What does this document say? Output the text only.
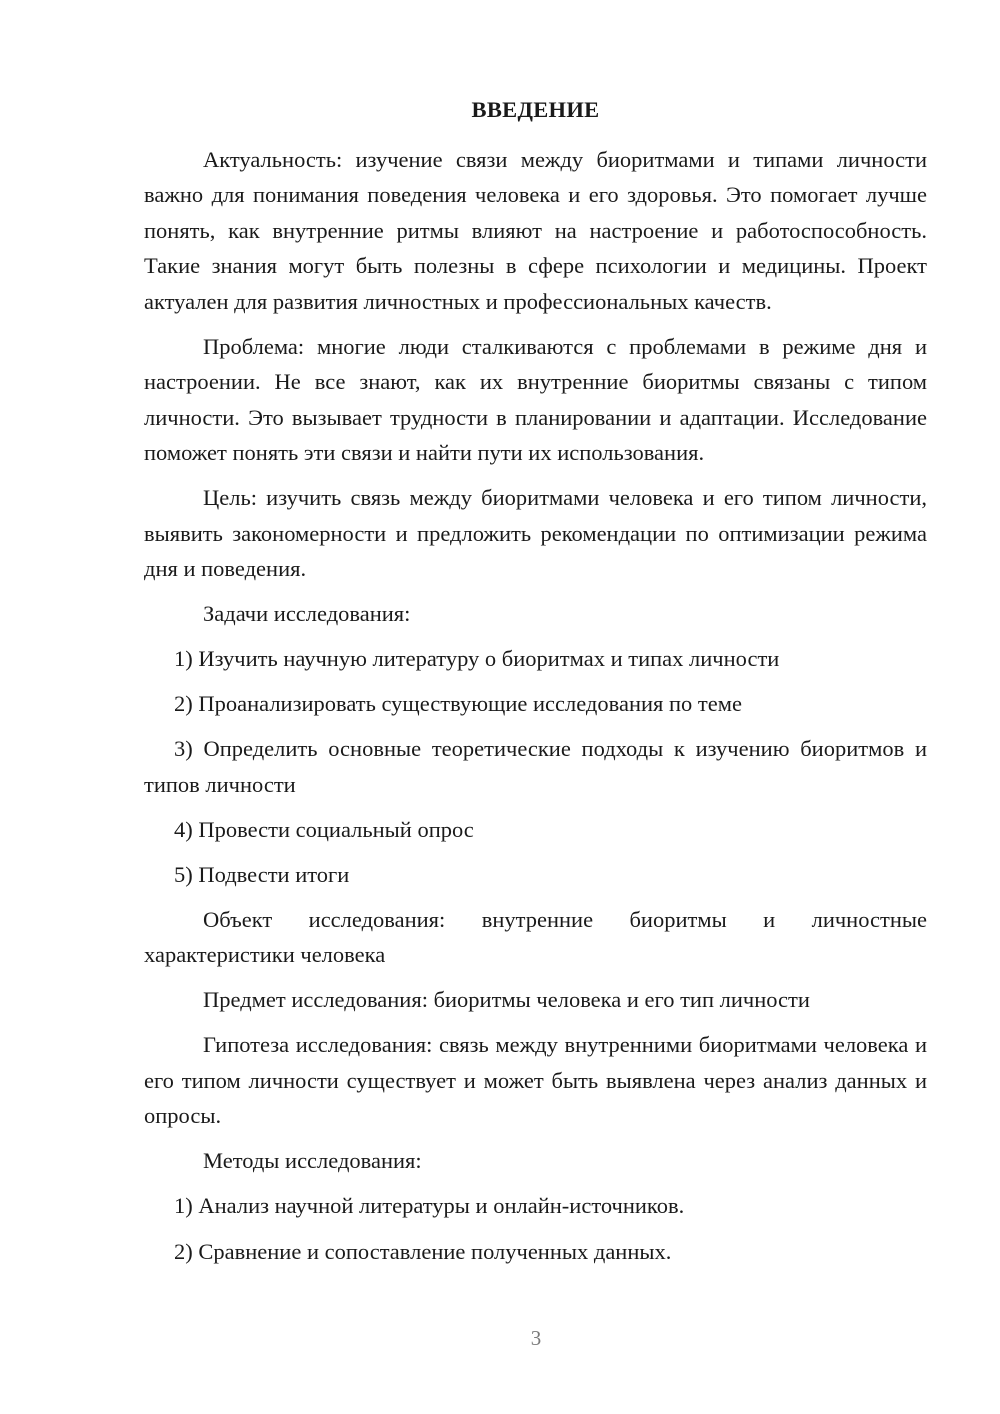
ВВЕДЕНИЕ

Актуальность: изучение связи между биоритмами и типами личности важно для понимания поведения человека и его здоровья. Это помогает лучше понять, как внутренние ритмы влияют на настроение и работоспособность. Такие знания могут быть полезны в сфере психологии и медицины. Проект актуален для развития личностных и профессиональных качеств.

Проблема: многие люди сталкиваются с проблемами в режиме дня и настроении. Не все знают, как их внутренние биоритмы связаны с типом личности. Это вызывает трудности в планировании и адаптации. Исследование поможет понять эти связи и найти пути их использования.

Цель: изучить связь между биоритмами человека и его типом личности, выявить закономерности и предложить рекомендации по оптимизации режима дня и поведения.

Задачи исследования:

1) Изучить научную литературу о биоритмах и типах личности

2) Проанализировать существующие исследования по теме

3) Определить основные теоретические подходы к изучению биоритмов и типов личности

4) Провести социальный опрос

5) Подвести итоги

Объект исследования: внутренние биоритмы и личностные характеристики человека

Предмет исследования: биоритмы человека и его тип личности

Гипотеза исследования: связь между внутренними биоритмами человека и его типом личности существует и может быть выявлена через анализ данных и опросы.

Методы исследования:

1) Анализ научной литературы и онлайн-источников.

2) Сравнение и сопоставление полученных данных.

3
